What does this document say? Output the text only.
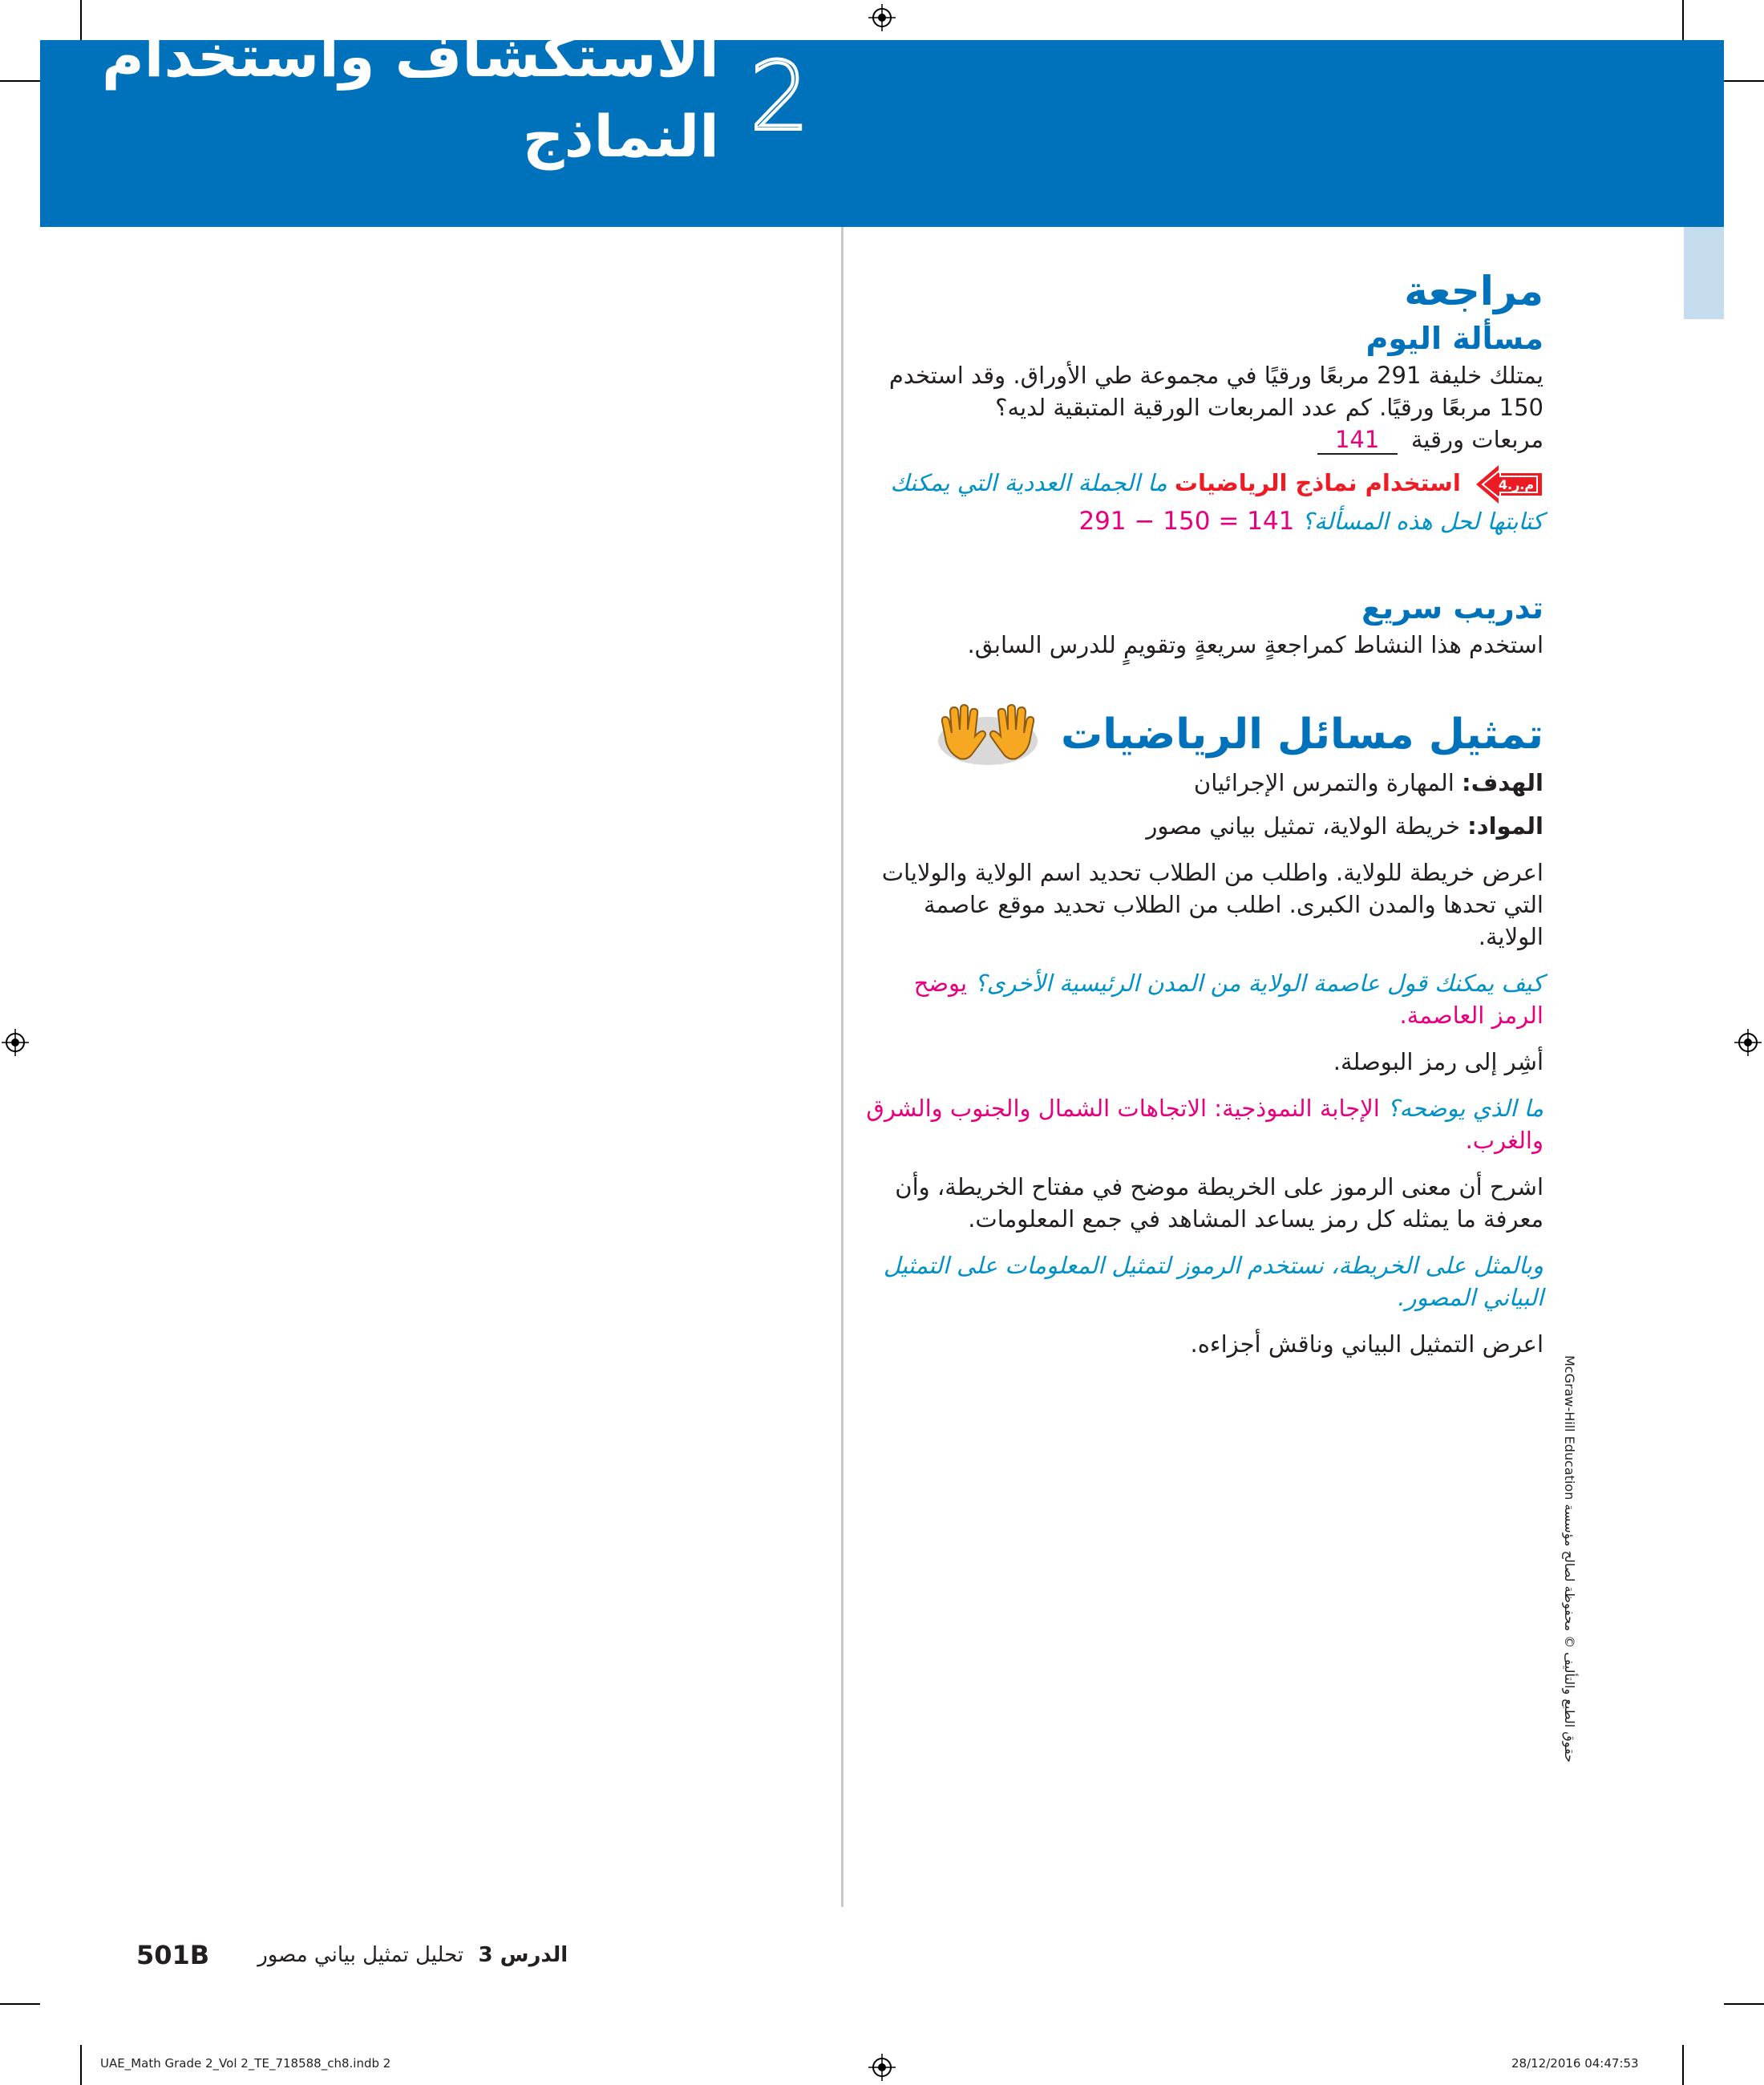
2
الاستكشاف واستخدام النماذج
مراجعة
مسألة اليوم

يمتلك خليفة 291 مربعًا ورقيًا في مجموعة طي الأوراق. وقد استخدم

150 مربعًا ورقيًا. كم عدد المربعات الورقية المتبقية لديه؟

مربعات ورقية 141

م.ر.4
استخدام نماذج الرياضيات ما الجملة العددية التي يمكنك كتابتها لحل هذه المسألة؟ 291 − 150 = 141

تدريب سريع

استخدم هذا النشاط كمراجعةٍ سريعةٍ وتقويمٍ للدرس السابق.

تمثيل مسائل الرياضيات

الهدف: المهارة والتمرس الإجرائيان

المواد: خريطة الولاية، تمثيل بياني مصور

اعرض خريطة للولاية. واطلب من الطلاب تحديد اسم الولاية والولايات التي تحدها والمدن الكبرى. اطلب من الطلاب تحديد موقع عاصمة الولاية.

كيف يمكنك قول عاصمة الولاية من المدن الرئيسية الأخرى؟ يوضح الرمز العاصمة.

أشِر إلى رمز البوصلة.

ما الذي يوضحه؟ الإجابة النموذجية: الاتجاهات الشمال والجنوب والشرق والغرب.

اشرح أن معنى الرموز على الخريطة موضح في مفتاح الخريطة، وأن معرفة ما يمثله كل رمز يساعد المشاهد في جمع المعلومات.

وبالمثل على الخريطة، نستخدم الرموز لتمثيل المعلومات على التمثيل البياني المصور.

اعرض التمثيل البياني وناقش أجزاءه.

حقوق الطبع والتأليف © محفوظة لصالح مؤسسة McGraw-Hill Education
501B	الدرس 3 تحليل تمثيل بياني مصور
UAE_Math Grade 2_Vol 2_TE_718588_ch8.indb 2	28/12/2016 04:47:53
